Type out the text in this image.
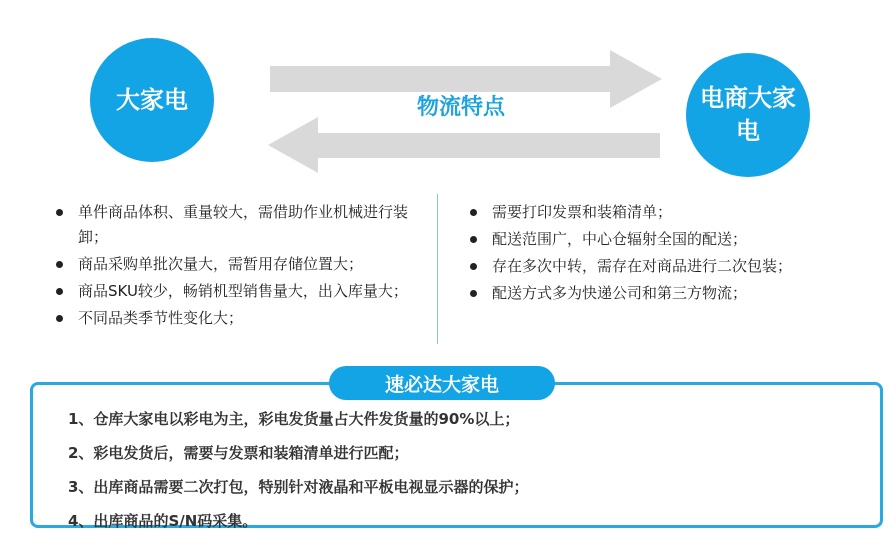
大家电	电商大家电
物流特点
单件商品体积、重量较大，需借助作业机械进行装卸；
商品采购单批次量大，需暂用存储位置大；
商品SKU较少，畅销机型销售量大，出入库量大；
不同品类季节性变化大；
需要打印发票和装箱清单；
配送范围广，中心仓辐射全国的配送；
存在多次中转，需存在对商品进行二次包装；
配送方式多为快递公司和第三方物流；
速必达大家电
1、仓库大家电以彩电为主，彩电发货量占大件发货量的90%以上；
2、彩电发货后，需要与发票和装箱清单进行匹配；
3、出库商品需要二次打包，特别针对液晶和平板电视显示器的保护；
4、出库商品的S/N码采集。
